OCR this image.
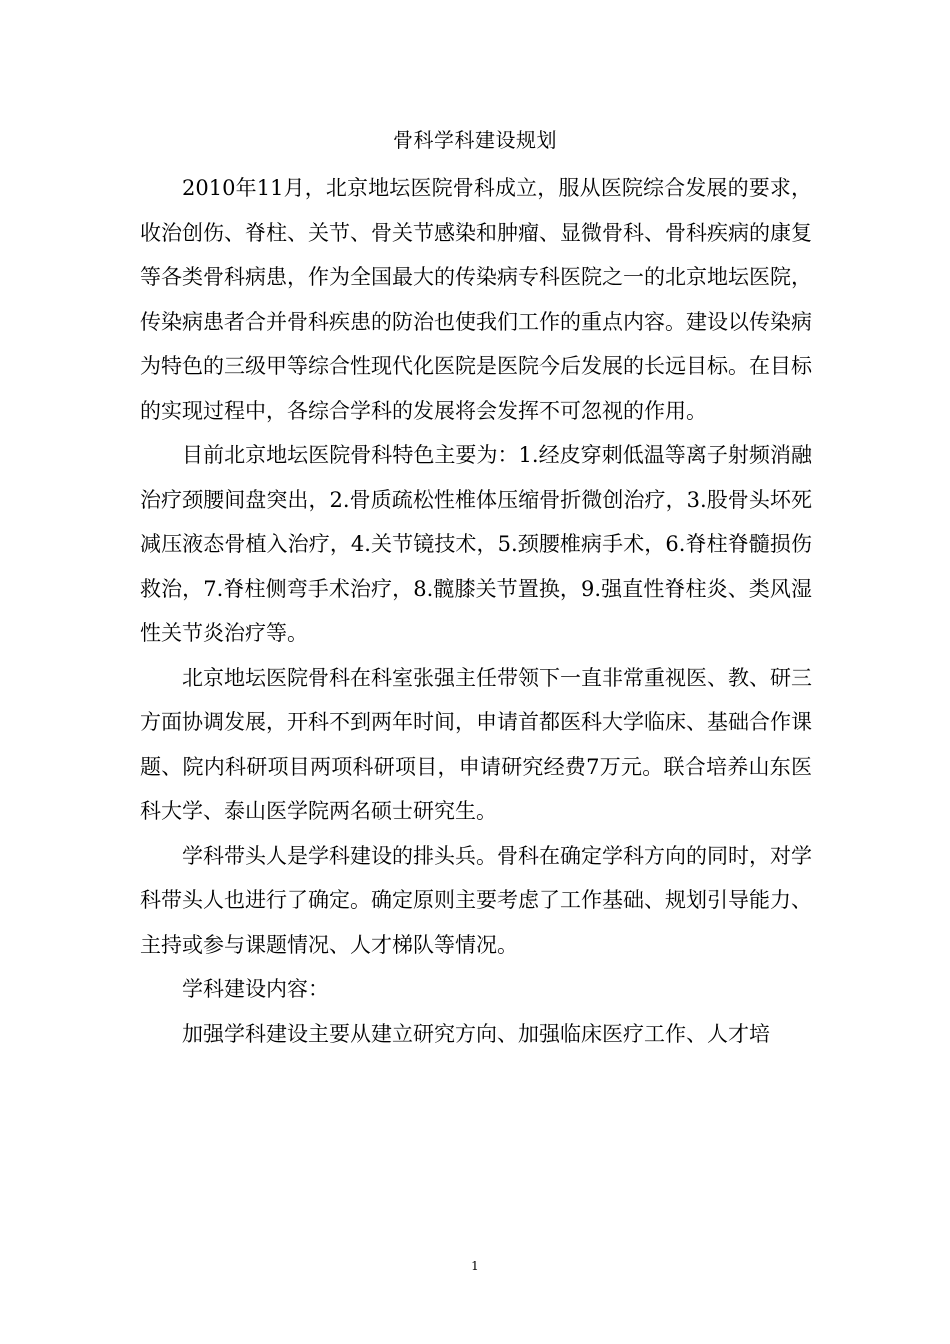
骨科学科建设规划

2010年11月，北京地坛医院骨科成立，服从医院综合发展的要求，收治创伤、脊柱、关节、骨关节感染和肿瘤、显微骨科、骨科疾病的康复等各类骨科病患，作为全国最大的传染病专科医院之一的北京地坛医院，传染病患者合并骨科疾患的防治也使我们工作的重点内容。建设以传染病为特色的三级甲等综合性现代化医院是医院今后发展的长远目标。在目标的实现过程中，各综合学科的发展将会发挥不可忽视的作用。

目前北京地坛医院骨科特色主要为：1.经皮穿刺低温等离子射频消融治疗颈腰间盘突出，2.骨质疏松性椎体压缩骨折微创治疗，3.股骨头坏死减压液态骨植入治疗，4.关节镜技术，5.颈腰椎病手术，6.脊柱脊髓损伤救治，7.脊柱侧弯手术治疗，8.髋膝关节置换，9.强直性脊柱炎、类风湿性关节炎治疗等。

北京地坛医院骨科在科室张强主任带领下一直非常重视医、教、研三方面协调发展，开科不到两年时间，申请首都医科大学临床、基础合作课题、院内科研项目两项科研项目，申请研究经费7万元。联合培养山东医科大学、泰山医学院两名硕士研究生。

学科带头人是学科建设的排头兵。骨科在确定学科方向的同时，对学科带头人也进行了确定。确定原则主要考虑了工作基础、规划引导能力、主持或参与课题情况、人才梯队等情况。

学科建设内容：

加强学科建设主要从建立研究方向、加强临床医疗工作、人才培

1
